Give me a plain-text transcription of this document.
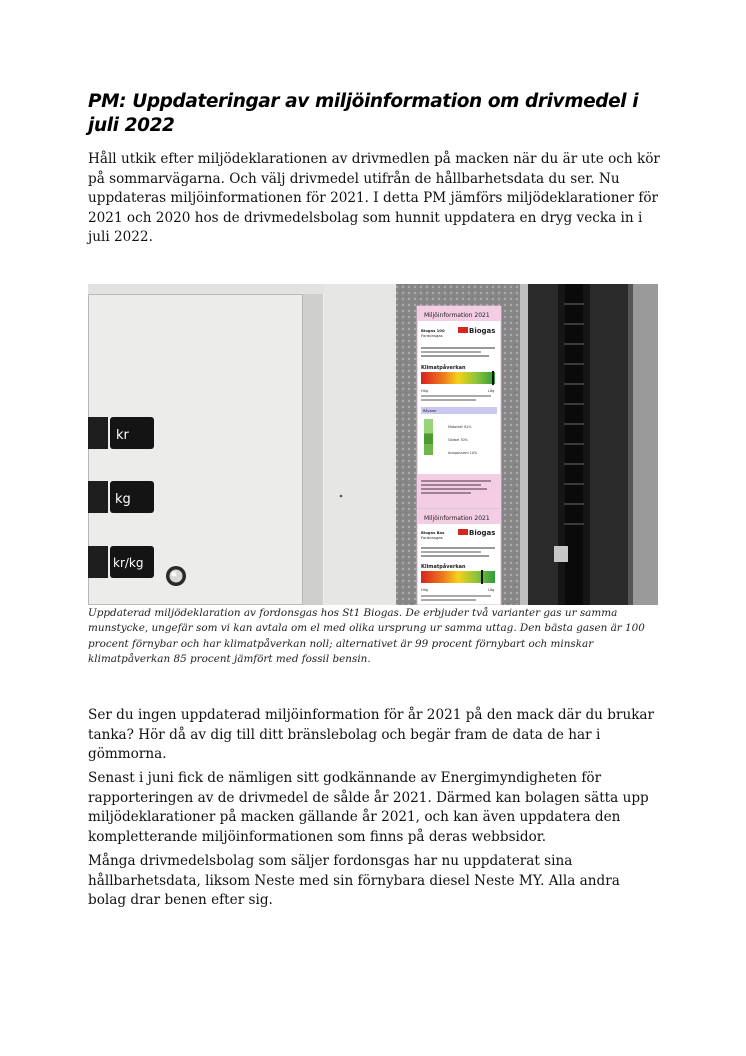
PM: Uppdateringar av miljöinformation om drivmedel i juli 2022

Håll utkik efter miljödeklarationen av drivmedlen på macken när du är ute och kör på sommarvägarna. Och välj drivmedel utifrån de hållbarhetsdata du ser. Nu uppdateras miljöinformationen för 2021. I detta PM jämförs miljödeklarationer för 2021 och 2020 hos de drivmedelsbolag som hunnit uppdatera en dryg vecka in i juli 2022.

kr
kg
kr/kg
Miljöinformation 2021
Biogas 100
Fordonsgas
Biogas
Klimatpåverkan
Hög	Låg
Råvaror
Matavfall 61%
Gödsel 30%
Avloppsslam 10%
Miljöinformation 2021
Biogas Bas
Fordonsgas
Biogas
Klimatpåverkan
Hög	Låg

Uppdaterad miljödeklaration av fordonsgas hos St1 Biogas. De erbjuder två varianter gas ur samma munstycke, ungefär som vi kan avtala om el med olika ursprung ur samma uttag. Den bästa gasen är 100 procent förnybar och har klimatpåverkan noll; alternativet är 99 procent förnybart och minskar klimatpåverkan 85 procent jämfört med fossil bensin.

Ser du ingen uppdaterad miljöinformation för år 2021 på den mack där du brukar tanka? Hör då av dig till ditt bränslebolag och begär fram de data de har i gömmorna.

Senast i juni fick de nämligen sitt godkännande av Energimyndigheten för rapporteringen av de drivmedel de sålde år 2021. Därmed kan bolagen sätta upp miljödeklarationer på macken gällande år 2021, och kan även uppdatera den kompletterande miljöinformationen som finns på deras webbsidor.

Många drivmedelsbolag som säljer fordonsgas har nu uppdaterat sina hållbarhetsdata, liksom Neste med sin förnybara diesel Neste MY. Alla andra bolag drar benen efter sig.
